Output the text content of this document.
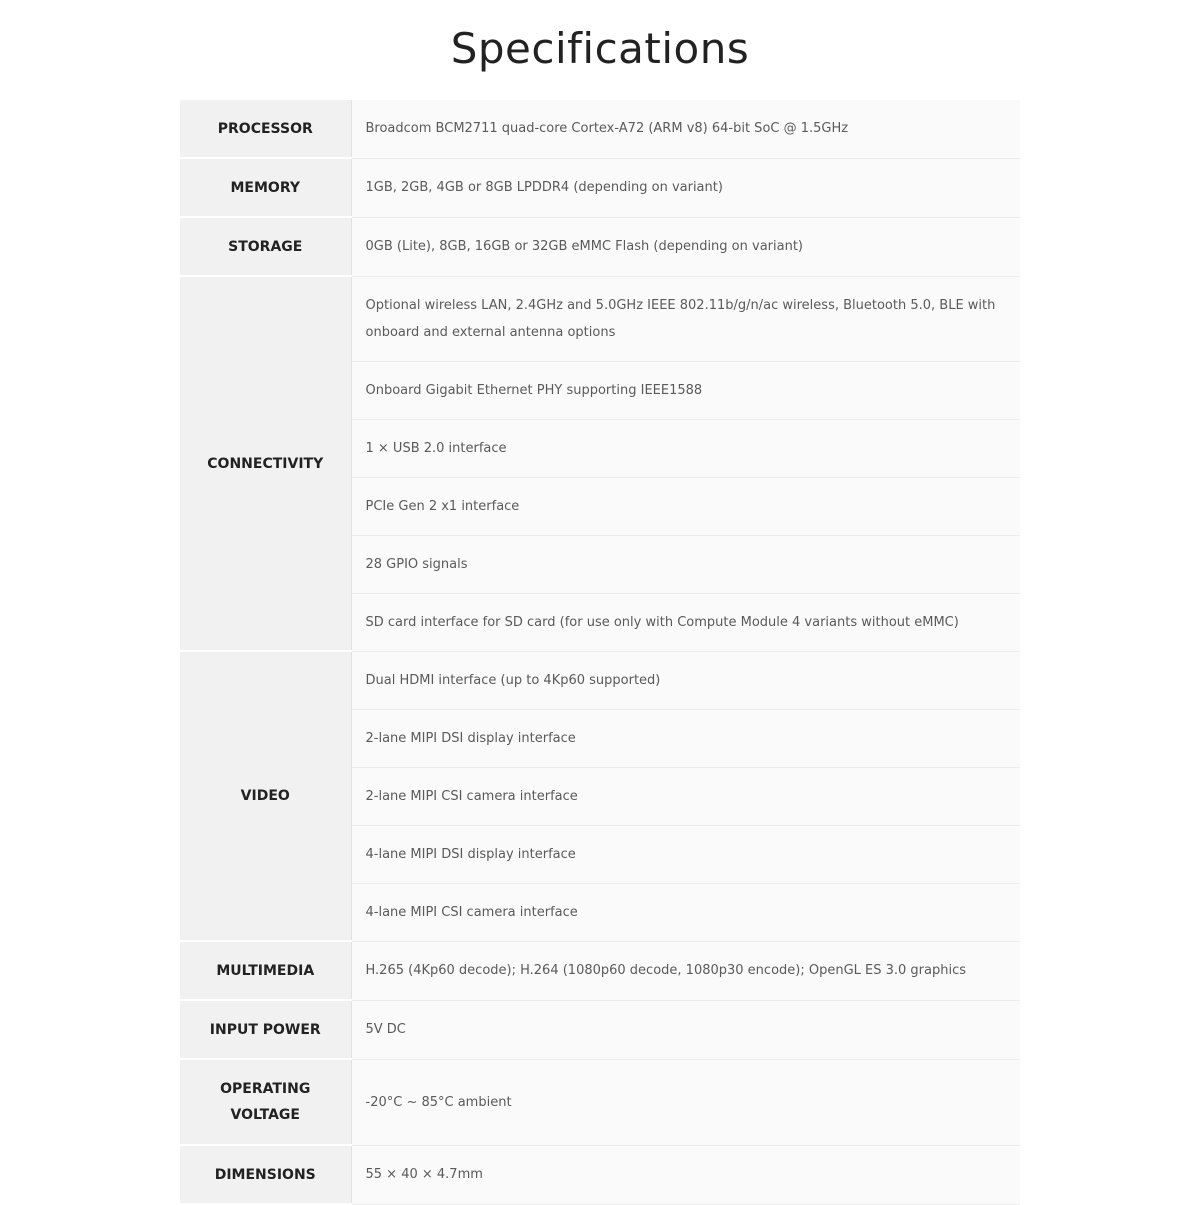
Specifications
PROCESSOR	Broadcom BCM2711 quad-core Cortex-A72 (ARM v8) 64-bit SoC @ 1.5GHz
MEMORY	1GB, 2GB, 4GB or 8GB LPDDR4 (depending on variant)
STORAGE	0GB (Lite), 8GB, 16GB or 32GB eMMC Flash (depending on variant)
CONNECTIVITY	Optional wireless LAN, 2.4GHz and 5.0GHz IEEE 802.11b/g/n/ac wireless, Bluetooth 5.0, BLE with onboard and external antenna options
	Onboard Gigabit Ethernet PHY supporting IEEE1588
	1 × USB 2.0 interface
	PCIe Gen 2 x1 interface
	28 GPIO signals
	SD card interface for SD card (for use only with Compute Module 4 variants without eMMC)
VIDEO	Dual HDMI interface (up to 4Kp60 supported)
	2-lane MIPI DSI display interface
	2-lane MIPI CSI camera interface
	4-lane MIPI DSI display interface
	4-lane MIPI CSI camera interface
MULTIMEDIA	H.265 (4Kp60 decode); H.264 (1080p60 decode, 1080p30 encode); OpenGL ES 3.0 graphics
INPUT POWER	5V DC
OPERATING VOLTAGE	-20°C ~ 85°C ambient
DIMENSIONS	55 × 40 × 4.7mm
